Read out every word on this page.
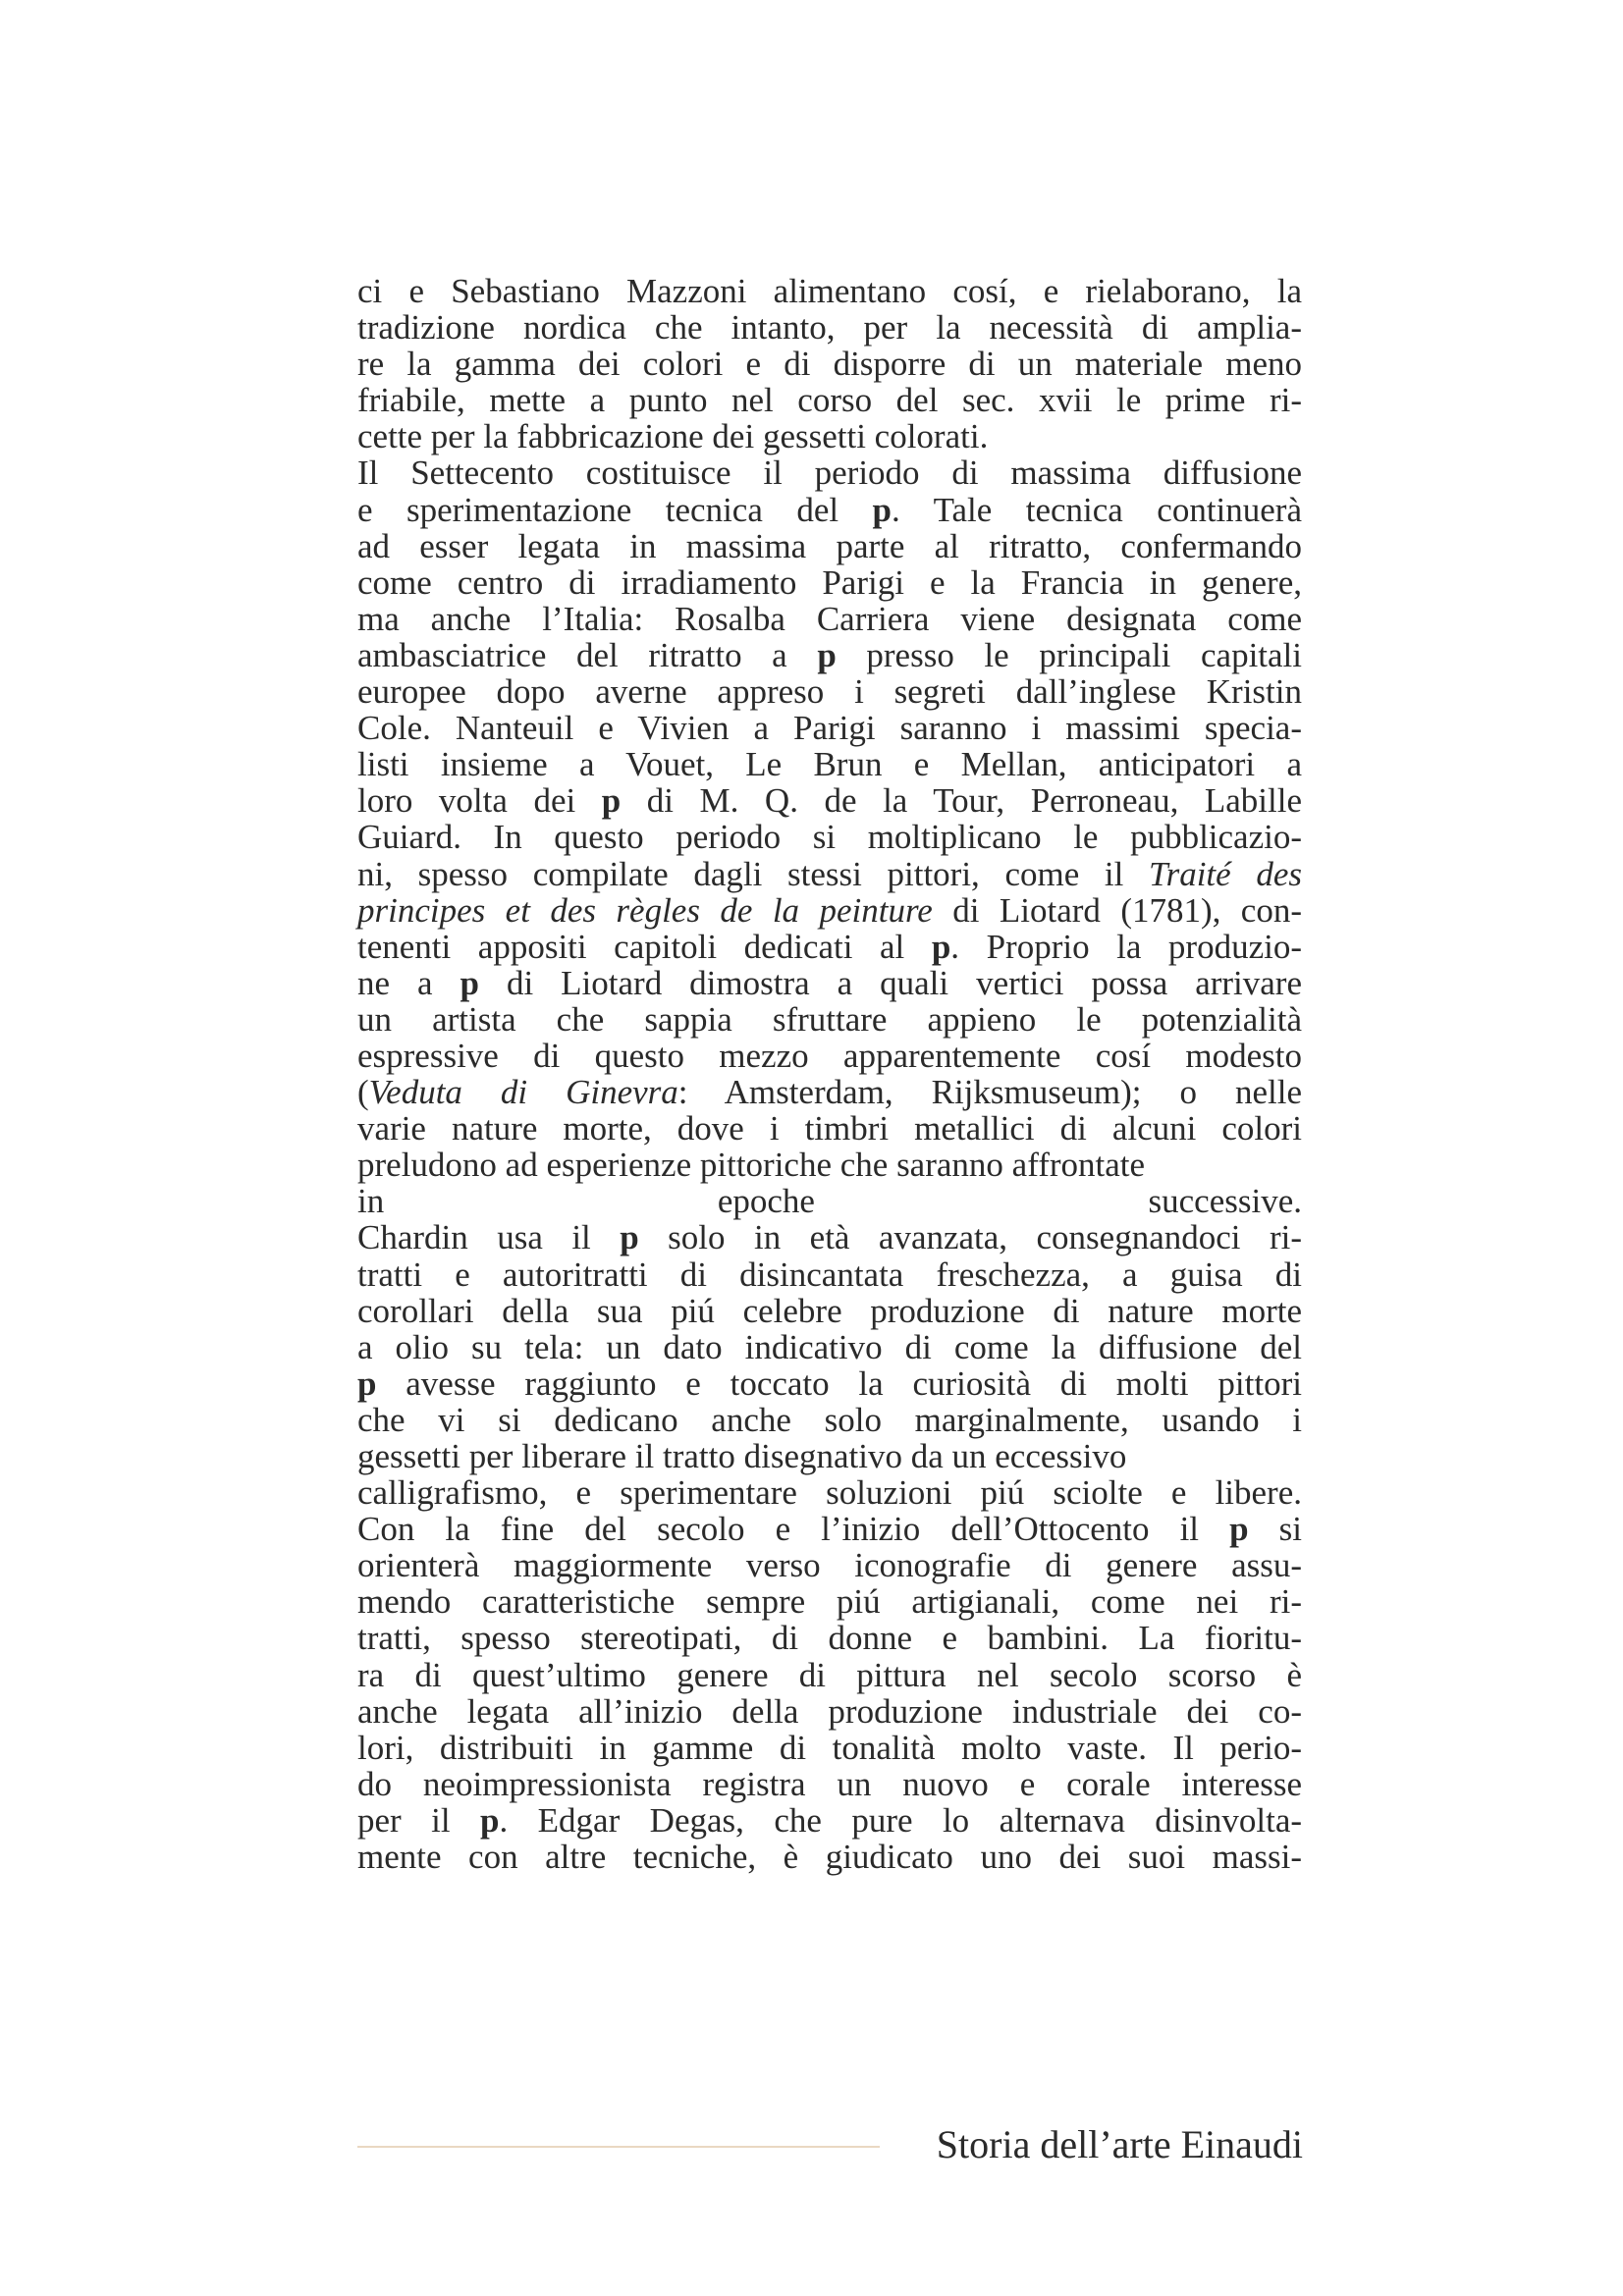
ci e Sebastiano Mazzoni alimentano cosí, e rielaborano, la
tradizione nordica che intanto, per la necessità di amplia-
re la gamma dei colori e di disporre di un materiale meno
friabile, mette a punto nel corso del sec. xvii le prime ri-
cette per la fabbricazione dei gessetti colorati.
Il Settecento costituisce il periodo di massima diffusione
e sperimentazione tecnica del p. Tale tecnica continuerà
ad esser legata in massima parte al ritratto, confermando
come centro di irradiamento Parigi e la Francia in genere,
ma anche l’Italia: Rosalba Carriera viene designata come
ambasciatrice del ritratto a p presso le principali capitali
europee dopo averne appreso i segreti dall’inglese Kristin
Cole. Nanteuil e Vivien a Parigi saranno i massimi specia-
listi insieme a Vouet, Le Brun e Mellan, anticipatori a
loro volta dei p di M. Q. de la Tour, Perroneau, Labille
Guiard. In questo periodo si moltiplicano le pubblicazio-
ni, spesso compilate dagli stessi pittori, come il Traité des
principes et des règles de la peinture di Liotard (1781), con-
tenenti appositi capitoli dedicati al p. Proprio la produzio-
ne a p di Liotard dimostra a quali vertici possa arrivare
un artista che sappia sfruttare appieno le potenzialità
espressive di questo mezzo apparentemente cosí modesto
(Veduta di Ginevra: Amsterdam, Rijksmuseum); o nelle
varie nature morte, dove i timbri metallici di alcuni colori
preludono ad esperienze pittoriche che saranno affrontate
in epoche successive.
Chardin usa il p solo in età avanzata, consegnandoci ri-
tratti e autoritratti di disincantata freschezza, a guisa di
corollari della sua piú celebre produzione di nature morte
a olio su tela: un dato indicativo di come la diffusione del
p avesse raggiunto e toccato la curiosità di molti pittori
che vi si dedicano anche solo marginalmente, usando i
gessetti per liberare il tratto disegnativo da un eccessivo
calligrafismo, e sperimentare soluzioni piú sciolte e libere.
Con la fine del secolo e l’inizio dell’Ottocento il p si
orienterà maggiormente verso iconografie di genere assu-
mendo caratteristiche sempre piú artigianali, come nei ri-
tratti, spesso stereotipati, di donne e bambini. La fioritu-
ra di quest’ultimo genere di pittura nel secolo scorso è
anche legata all’inizio della produzione industriale dei co-
lori, distribuiti in gamme di tonalità molto vaste. Il perio-
do neoimpressionista registra un nuovo e corale interesse
per il p. Edgar Degas, che pure lo alternava disinvolta-
mente con altre tecniche, è giudicato uno dei suoi massi-
Storia dell’arte Einaudi
